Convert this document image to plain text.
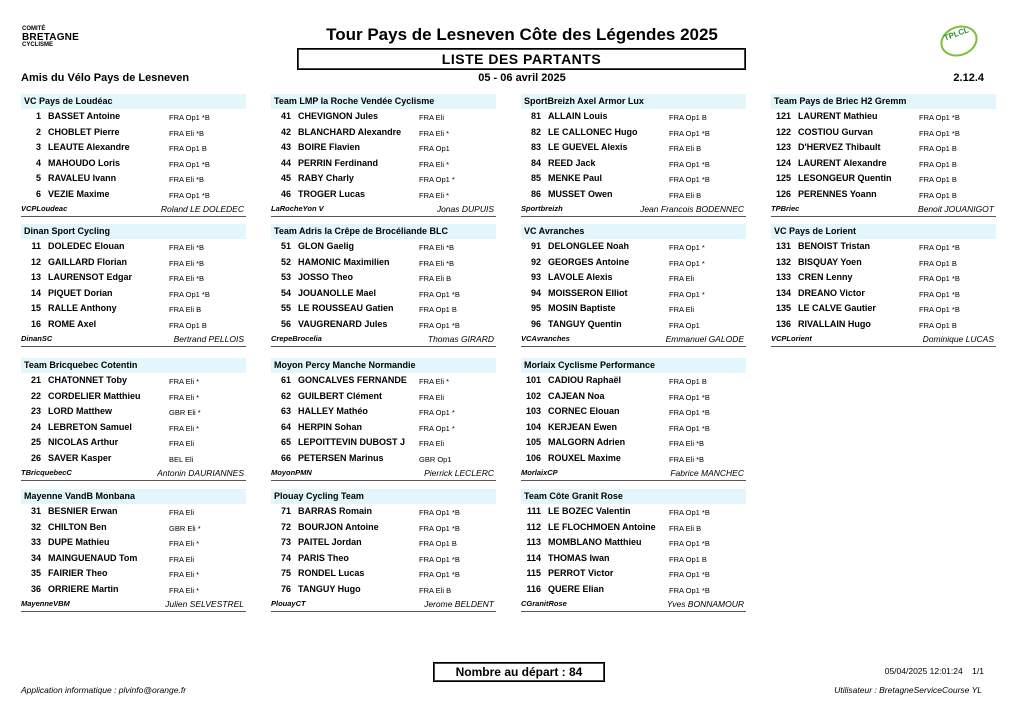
COMITÉ
BRETAGNE
CYCLISME
Tour Pays de Lesneven Côte des Légendes 2025
LISTE DES PARTANTS
TPLCL
Amis du Vélo Pays de Lesneven	05 - 06 avril 2025	2.12.4
VC Pays de Loudéac
1 BASSET Antoine	FRA Op1 *B
2 CHOBLET Pierre	FRA Eli *B
3 LEAUTE Alexandre	FRA Op1 B
4 MAHOUDO Loris	FRA Op1 *B
5 RAVALEU Ivann	FRA Eli *B
6 VEZIE Maxime	FRA Op1 *B
VCPLoudeac	Roland LE DOLEDEC
Dinan Sport Cycling
11 DOLEDEC Elouan	FRA Eli *B
12 GAILLARD Florian	FRA Eli *B
13 LAURENSOT Edgar	FRA Eli *B
14 PIQUET Dorian	FRA Op1 *B
15 RALLE Anthony	FRA Eli B
16 ROME Axel	FRA Op1 B
DinanSC	Bertrand PELLOIS
Team Bricquebec Cotentin
21 CHATONNET Toby	FRA Eli *
22 CORDELIER Matthieu	FRA Eli *
23 LORD Matthew	GBR Eli *
24 LEBRETON Samuel	FRA Eli *
25 NICOLAS Arthur	FRA Eli
26 SAVER Kasper	BEL Eli
TBricquebecC	Antonin DAURIANNES
Mayenne VandB Monbana
31 BESNIER Erwan	FRA Eli
32 CHILTON Ben	GBR Eli *
33 DUPE Mathieu	FRA Eli *
34 MAINGUENAUD Tom	FRA Eli
35 FAIRIER Theo	FRA Eli *
36 ORRIERE Martin	FRA Eli *
MayenneVBM	Julien SELVESTREL
Team LMP la Roche Vendée Cyclisme
41 CHEVIGNON Jules	FRA Eli
42 BLANCHARD Alexandre FRA Eli *
43 BOIRE Flavien	FRA Op1
44 PERRIN Ferdinand	FRA Eli *
45 RABY Charly	FRA Op1 *
46 TROGER Lucas	FRA Eli *
LaRocheYon V	Jonas DUPUIS
Team Adris la Crêpe de Brocéliande BLC
51 GLON Gaelig	FRA Eli *B
52 HAMONIC Maximilien	FRA Eli *B
53 JOSSO Theo	FRA Eli B
54 JOUANOLLE Mael	FRA Op1 *B
55 LE ROUSSEAU Gatien	FRA Op1 B
56 VAUGRENARD Jules	FRA Op1 *B
CrepeBrocelia	Thomas GIRARD
Moyon Percy Manche Normandie
61 GONCALVES FERNANDE FRA Eli *
62 GUILBERT Clément	FRA Eli
63 HALLEY Mathéo	FRA Op1 *
64 HERPIN Sohan	FRA Op1 *
65 LEPOITTEVIN DUBOST J FRA Eli
66 PETERSEN Marinus	GBR Op1
MoyonPMN	Pierrick LECLERC
Plouay Cycling Team
71 BARRAS Romain	FRA Op1 *B
72 BOURJON Antoine	FRA Op1 *B
73 PAITEL Jordan	FRA Op1 B
74 PARIS Theo	FRA Op1 *B
75 RONDEL Lucas	FRA Op1 *B
76 TANGUY Hugo	FRA Eli B
PlouayCT	Jerome BELDENT
SportBreizh Axel Armor Lux
81 ALLAIN Louis	FRA Op1 B
82 LE CALLONEC Hugo	FRA Op1 *B
83 LE GUEVEL Alexis	FRA Eli B
84 REED Jack	FRA Op1 *B
85 MENKE Paul	FRA Op1 *B
86 MUSSET Owen	FRA Eli B
Sportbreizh	Jean Francois BODENNEC
VC Avranches
91 DELONGLEE Noah	FRA Op1 *
92 GEORGES Antoine	FRA Op1 *
93 LAVOLE Alexis	FRA Eli
94 MOISSERON Elliot	FRA Op1 *
95 MOSIN Baptiste	FRA Eli
96 TANGUY Quentin	FRA Op1
VCAvranches	Emmanuel GALODE
Morlaix Cyclisme Performance
101 CADIOU Raphaël	FRA Op1 B
102 CAJEAN Noa	FRA Op1 *B
103 CORNEC Elouan	FRA Op1 *B
104 KERJEAN Ewen	FRA Op1 *B
105 MALGORN Adrien	FRA Eli *B
106 ROUXEL Maxime	FRA Eli *B
MorlaixCP	Fabrice MANCHEC
Team Côte Granit Rose
111 LE BOZEC Valentin	FRA Op1 *B
112 LE FLOCHMOEN Antoine FRA Eli B
113 MOMBLANO Matthieu	FRA Op1 *B
114 THOMAS Iwan	FRA Op1 B
115 PERROT Victor	FRA Op1 *B
116 QUERE Elian	FRA Op1 *B
CGranitRose	Yves BONNAMOUR
Team Pays de Briec H2 Gremm
121 LAURENT Mathieu	FRA Op1 *B
122 COSTIOU Gurvan	FRA Op1 *B
123 D'HERVEZ Thibault	FRA Op1 B
124 LAURENT Alexandre	FRA Op1 B
125 LESONGEUR Quentin	FRA Op1 B
126 PERENNES Yoann	FRA Op1 B
TPBriec	Benoit JOUANIGOT
VC Pays de Lorient
131 BENOIST Tristan	FRA Op1 *B
132 BISQUAY Yoen	FRA Op1 B
133 CREN Lenny	FRA Op1 *B
134 DREANO Victor	FRA Op1 *B
135 LE CALVE Gautier	FRA Op1 *B
136 RIVALLAIN Hugo	FRA Op1 B
VCPLorient	Dominique LUCAS
Nombre au départ : 84	05/04/2025 12:01:24 1/1
Application informatique : plvinfo@orange.fr	Utilisateur : BretagneServiceCourse YL
